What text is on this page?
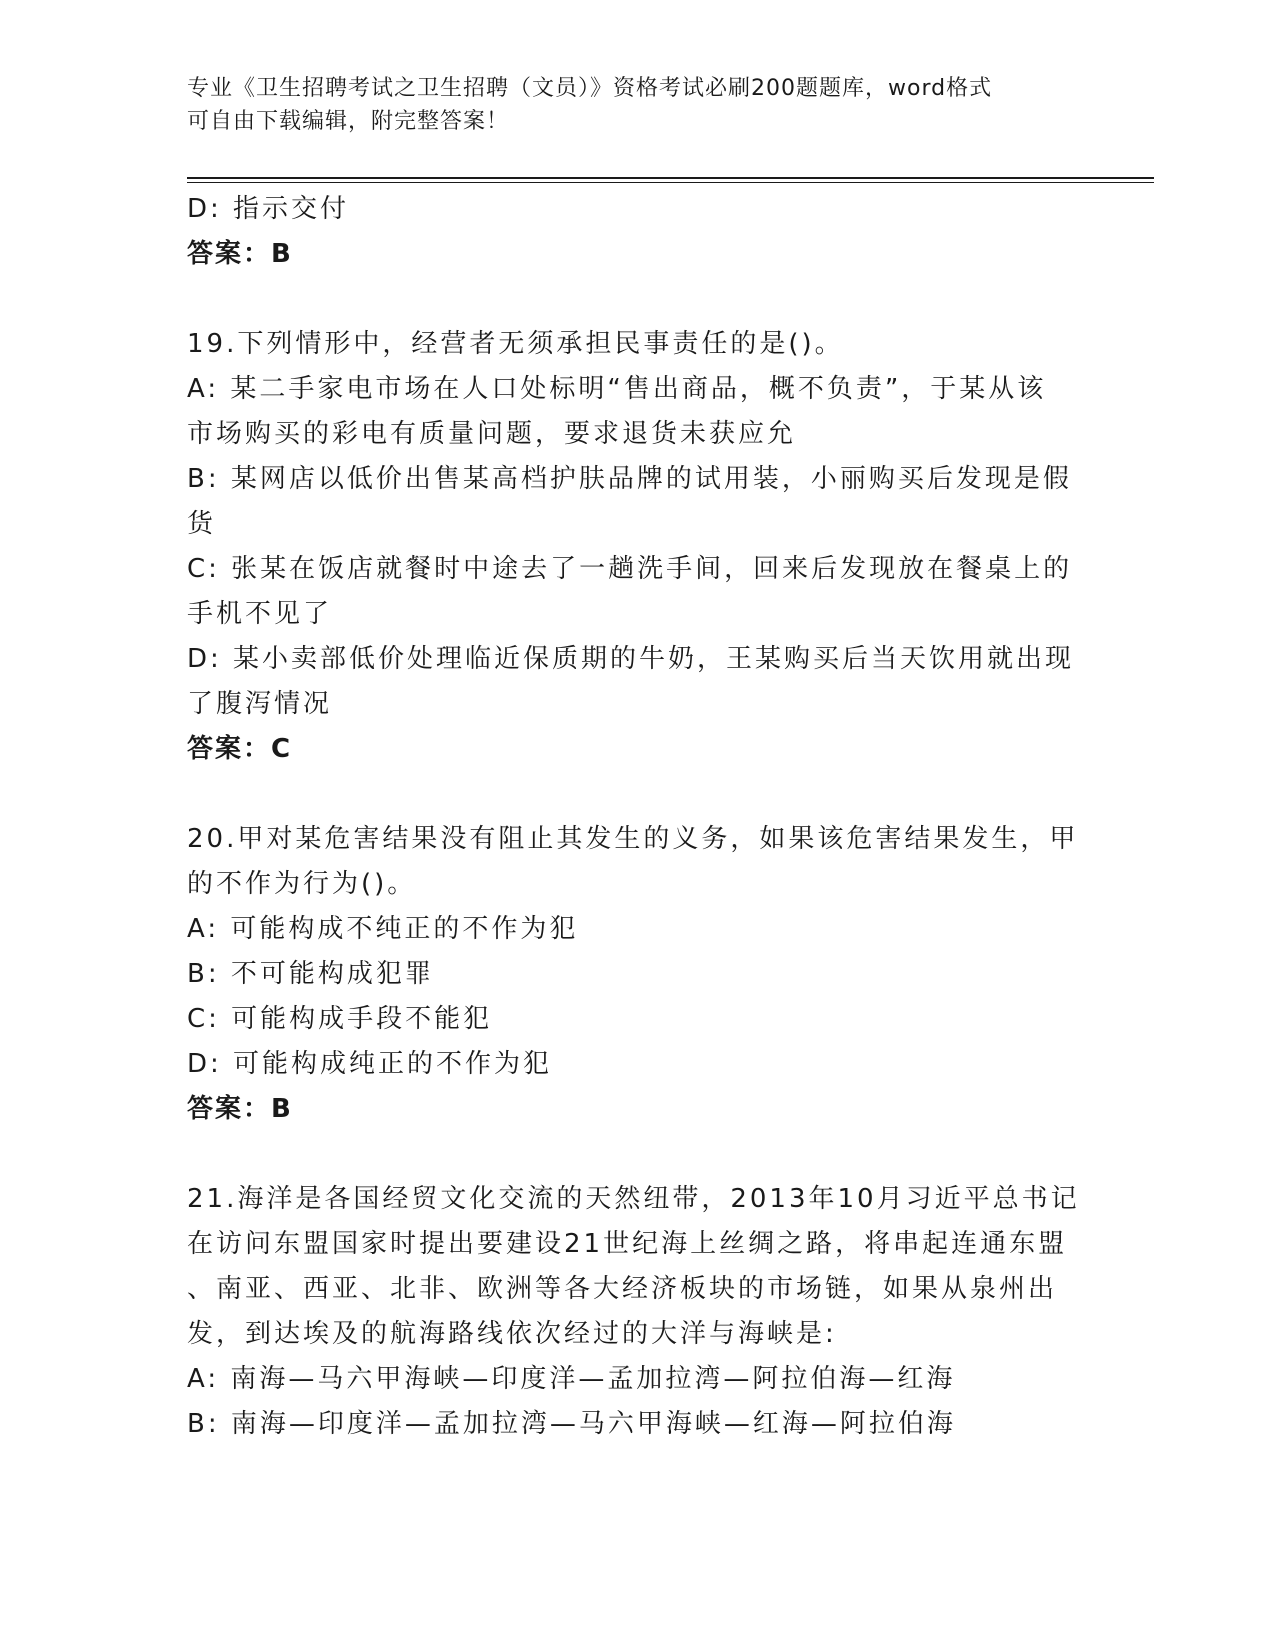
专业《卫生招聘考试之卫生招聘（文员）》资格考试必刷200题题库，word格式
可自由下载编辑，附完整答案！
D: 指示交付
答案：B
19.下列情形中，经营者无须承担民事责任的是()。
A: 某二手家电市场在人口处标明“售出商品，概不负责”，于某从该
市场购买的彩电有质量问题，要求退货未获应允
B: 某网店以低价出售某高档护肤品牌的试用装，小丽购买后发现是假
货
C: 张某在饭店就餐时中途去了一趟洗手间，回来后发现放在餐桌上的
手机不见了
D: 某小卖部低价处理临近保质期的牛奶，王某购买后当天饮用就出现
了腹泻情况
答案：C
20.甲对某危害结果没有阻止其发生的义务，如果该危害结果发生，甲
的不作为行为()。
A: 可能构成不纯正的不作为犯
B: 不可能构成犯罪
C: 可能构成手段不能犯
D: 可能构成纯正的不作为犯
答案：B
21.海洋是各国经贸文化交流的天然纽带，2013年10月习近平总书记
在访问东盟国家时提出要建设21世纪海上丝绸之路，将串起连通东盟
、南亚、西亚、北非、欧洲等各大经济板块的市场链，如果从泉州出
发，到达埃及的航海路线依次经过的大洋与海峡是:
A: 南海—马六甲海峡—印度洋—孟加拉湾—阿拉伯海—红海
B: 南海—印度洋—孟加拉湾—马六甲海峡—红海—阿拉伯海
